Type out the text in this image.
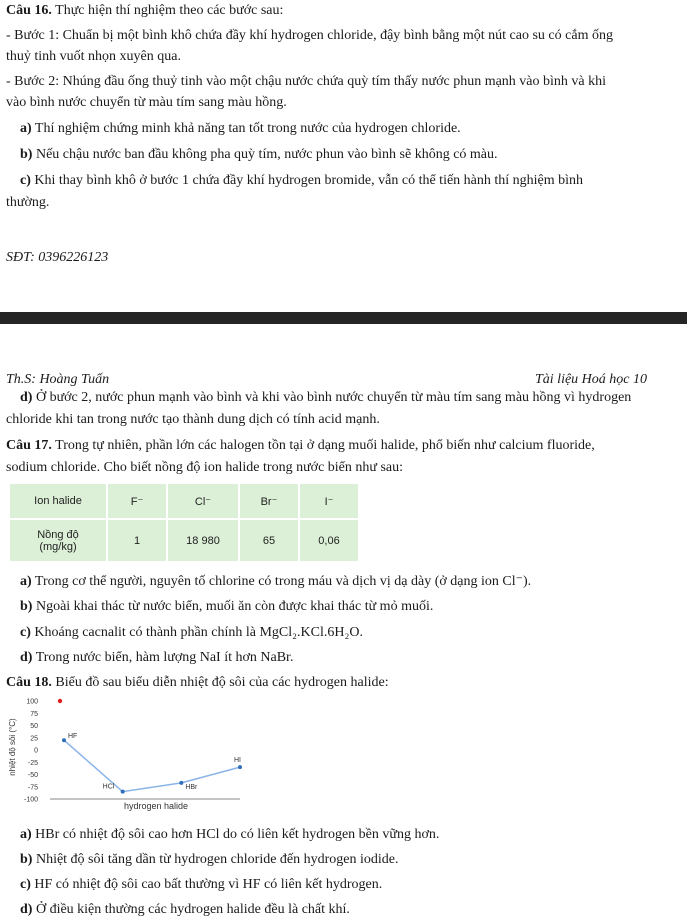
Câu 16. Thực hiện thí nghiệm theo các bước sau:
- Bước 1: Chuẩn bị một bình khô chứa đầy khí hydrogen chloride, đậy bình bằng một nút cao su có cắm ống
thuỷ tinh vuốt nhọn xuyên qua.
- Bước 2: Nhúng đầu ống thuỷ tinh vào một chậu nước chứa quỳ tím thấy nước phun mạnh vào bình và khi
vào bình nước chuyển từ màu tím sang màu hồng.
a) Thí nghiệm chứng minh khả năng tan tốt trong nước của hydrogen chloride.
b) Nếu chậu nước ban đầu không pha quỳ tím, nước phun vào bình sẽ không có màu.
c) Khi thay bình khô ở bước 1 chứa đầy khí hydrogen bromide, vẫn có thể tiến hành thí nghiệm bình
thường.
SĐT: 0396226123
Th.S: Hoàng Tuấn	Tài liệu Hoá học 10
d) Ở bước 2, nước phun mạnh vào bình và khi vào bình nước chuyển từ màu tím sang màu hồng vì hydrogen
chloride khi tan trong nước tạo thành dung dịch có tính acid mạnh.
Câu 17. Trong tự nhiên, phần lớn các halogen tồn tại ở dạng muối halide, phổ biến như calcium fluoride,
sodium chloride. Cho biết nồng độ ion halide trong nước biển như sau:
Ion halide	F⁻	Cl⁻	Br⁻	I⁻
Nồng độ
(mg/kg)	1	18 980	65	0,06
a) Trong cơ thể người, nguyên tố chlorine có trong máu và dịch vị dạ dày (ở dạng ion Cl⁻).
b) Ngoài khai thác từ nước biển, muối ăn còn được khai thác từ mỏ muối.
c) Khoáng cacnalit có thành phần chính là MgCl₂.KCl.6H₂O.
d) Trong nước biển, hàm lượng NaI ít hơn NaBr.
Câu 18. Biểu đồ sau biểu diễn nhiệt độ sôi của các hydrogen halide:
100
75
50
25
0
-25
-50
-75
-100
nhiệt độ sôi (°C)
hydrogen halide
HF
HCl	HBr
HI
a) HBr có nhiệt độ sôi cao hơn HCl do có liên kết hydrogen bền vững hơn.
b) Nhiệt độ sôi tăng dần từ hydrogen chloride đến hydrogen iodide.
c) HF có nhiệt độ sôi cao bất thường vì HF có liên kết hydrogen.
d) Ở điều kiện thường các hydrogen halide đều là chất khí.
